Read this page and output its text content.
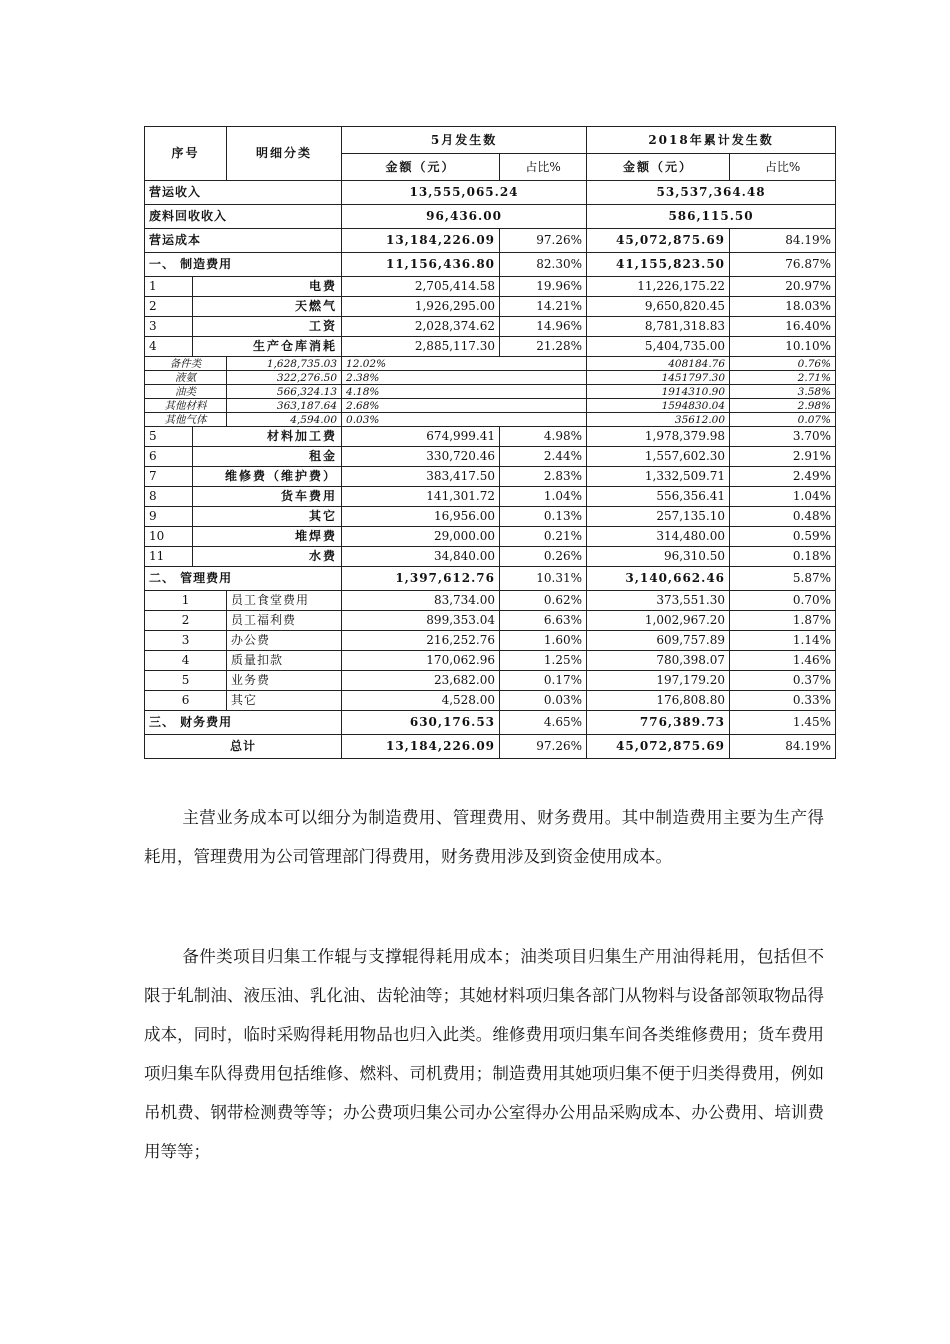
序号		明细分类	5月发生数		2018年累计发生数	
			金额（元）	占比%	金额（元）	占比%
营运收入			13,555,065.24		53,537,364.48	
废料回收收入			96,436.00		586,115.50	
营运成本			13,184,226.09	97.26%	45,072,875.69	84.19%
一、 制造费用			11,156,436.80	82.30%	41,155,823.50	76.87%
1	电费		2,705,414.58	19.96%	11,226,175.22	20.97%
2	天燃气		1,926,295.00	14.21%	9,650,820.45	18.03%
3	工资		2,028,374.62	14.96%	8,781,318.83	16.40%
4	生产仓库消耗		2,885,117.30	21.28%	5,404,735.00	10.10%
备件类		1,628,735.03	12.02%		408184.76	0.76%
液氨		322,276.50	2.38%		1451797.30	2.71%
油类		566,324.13	4.18%		1914310.90	3.58%
其他材料		363,187.64	2.68%		1594830.04	2.98%
其他气体		4,594.00	0.03%		35612.00	0.07%
5	材料加工费		674,999.41	4.98%	1,978,379.98	3.70%
6	租金		330,720.46	2.44%	1,557,602.30	2.91%
7	维修费（维护费）		383,417.50	2.83%	1,332,509.71	2.49%
8	货车费用		141,301.72	1.04%	556,356.41	1.04%
9	其它		16,956.00	0.13%	257,135.10	0.48%
10	堆焊费		29,000.00	0.21%	314,480.00	0.59%
11	水费		34,840.00	0.26%	96,310.50	0.18%
二、 管理费用			1,397,612.76	10.31%	3,140,662.46	5.87%
1		员工食堂费用	83,734.00	0.62%	373,551.30	0.70%
2		员工福利费	899,353.04	6.63%	1,002,967.20	1.87%
3		办公费	216,252.76	1.60%	609,757.89	1.14%
4		质量扣款	170,062.96	1.25%	780,398.07	1.46%
5		业务费	23,682.00	0.17%	197,179.20	0.37%
6		其它	4,528.00	0.03%	176,808.80	0.33%
三、 财务费用			630,176.53	4.65%	776,389.73	1.45%
总计			13,184,226.09	97.26%	45,072,875.69	84.19%

主营业务成本可以细分为制造费用、管理费用、财务费用。其中制造费用主要为生产得耗用，管理费用为公司管理部门得费用，财务费用涉及到资金使用成本。

备件类项目归集工作辊与支撑辊得耗用成本；油类项目归集生产用油得耗用，包括但不限于轧制油、液压油、乳化油、齿轮油等；其她材料项归集各部门从物料与设备部领取物品得成本，同时，临时采购得耗用物品也归入此类。维修费用项归集车间各类维修费用；货车费用项归集车队得费用包括维修、燃料、司机费用；制造费用其她项归集不便于归类得费用，例如吊机费、钢带检测费等等；办公费项归集公司办公室得办公用品采购成本、办公费用、培训费用等等；
